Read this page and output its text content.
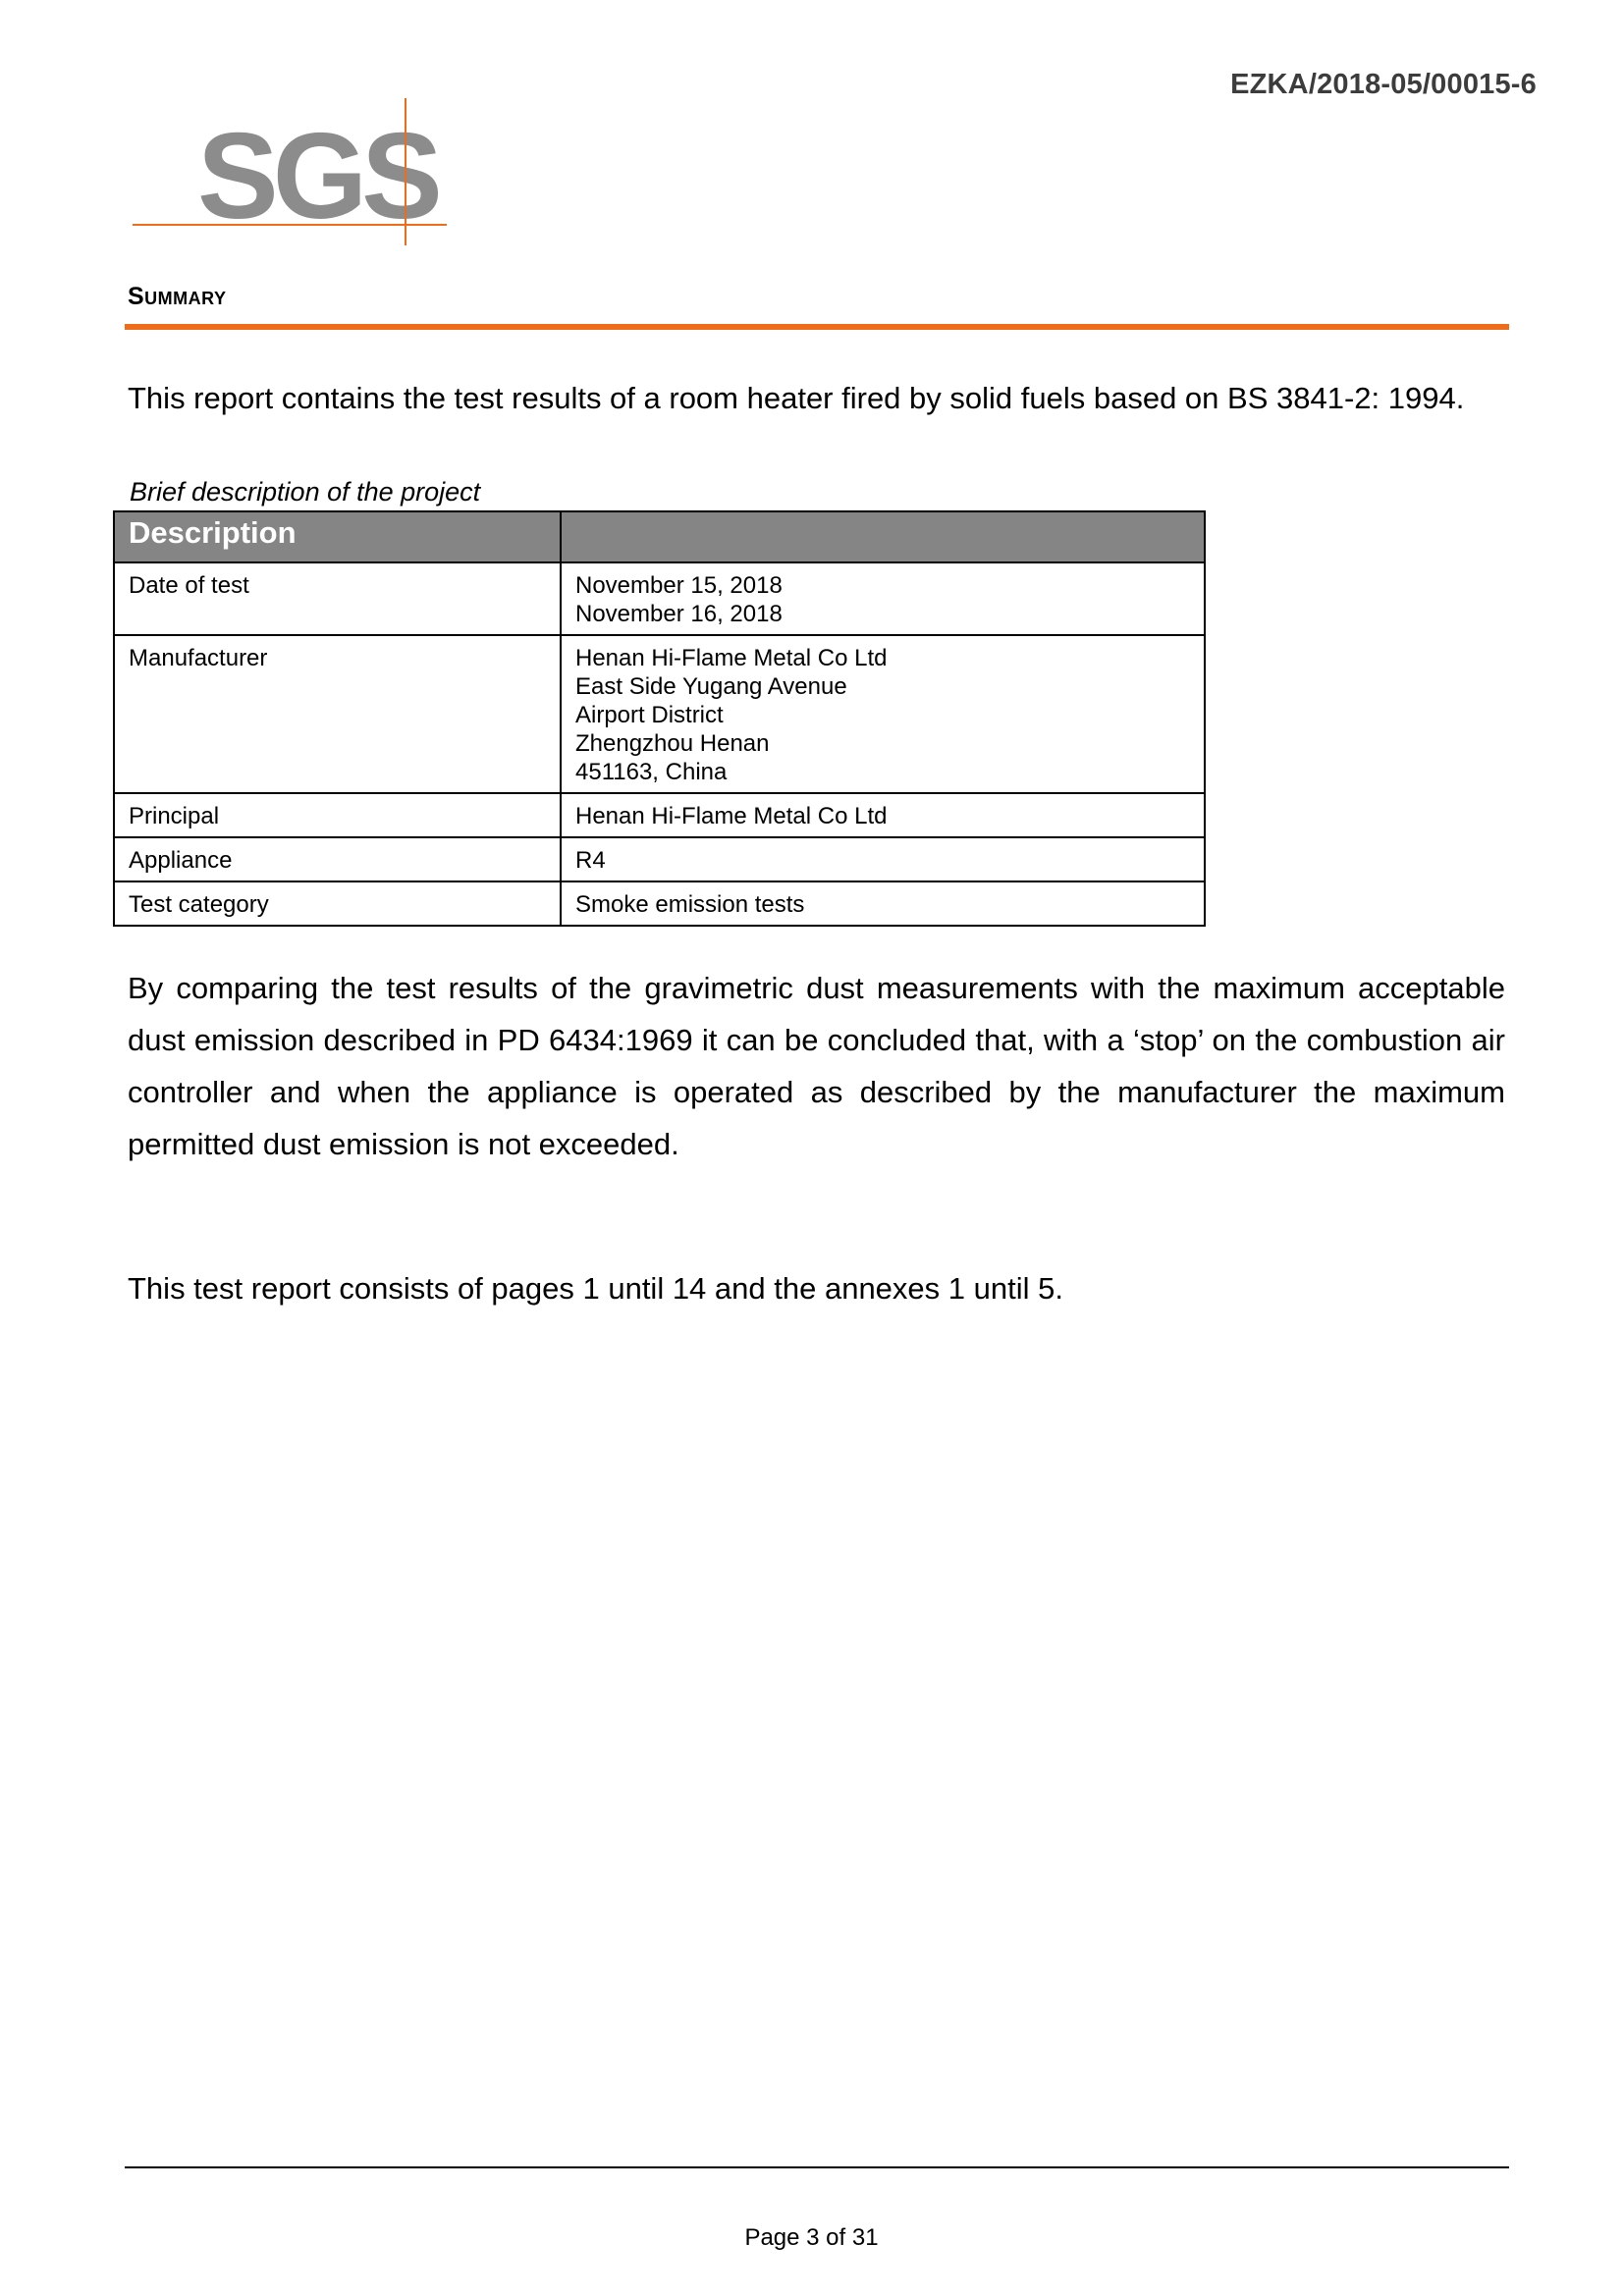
EZKA/2018-05/00015-6
SGS
Summary
This report contains the test results of a room heater fired by solid fuels based on BS 3841-2: 1994.
Brief description of the project
Description	
Date of test	November 15, 2018
November 16, 2018

Manufacturer	Henan Hi-Flame Metal Co Ltd
East Side Yugang Avenue
Airport District
Zhengzhou Henan
451163, China

Principal	Henan Hi-Flame Metal Co Ltd

Appliance	R4

Test category	Smoke emission tests
By comparing the test results of the gravimetric dust measurements with the maximum acceptable dust emission described in PD 6434:1969 it can be concluded that, with a ‘stop’ on the combustion air controller and when the appliance is operated as described by the manufacturer the maximum permitted dust emission is not exceeded.
This test report consists of pages 1 until 14 and the annexes 1 until 5.
Page 3 of 31
